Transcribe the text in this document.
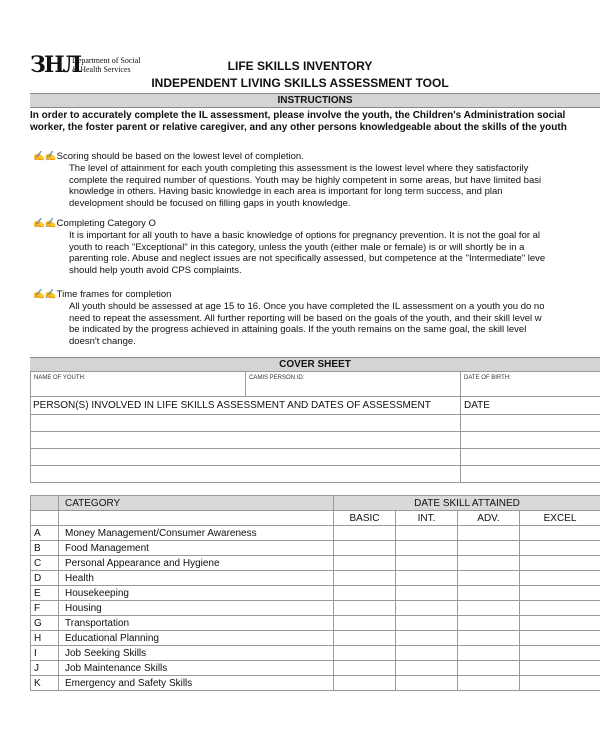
ЗНЛ
Department of Social
& Health Services	LIFE SKILLS INVENTORY
INDEPENDENT LIVING SKILLS ASSESSMENT TOOL
INSTRUCTIONS
In order to accurately complete the IL assessment, please involve the youth, the Children's Administration social
worker, the foster parent or relative caregiver, and any other persons knowledgeable about the skills of the youth
✍✍Scoring should be based on the lowest level of completion.
The level of attainment for each youth completing this assessment is the lowest level where they satisfactorily
complete the required number of questions. Youth may be highly competent in some areas, but have limited basi
knowledge in others. Having basic knowledge in each area is important for long term success, and plan
development should be focused on filling gaps in youth knowledge.
✍✍Completing Category O
It is important for all youth to have a basic knowledge of options for pregnancy prevention. It is not the goal for al
youth to reach "Exceptional" in this category, unless the youth (either male or female) is or will shortly be in a
parenting role. Abuse and neglect issues are not specifically assessed, but competence at the "Intermediate" leve
should help youth avoid CPS complaints.
✍✍Time frames for completion
All youth should be assessed at age 15 to 16. Once you have completed the IL assessment on a youth you do no
need to repeat the assessment. All further reporting will be based on the goals of the youth, and their skill level w
be indicated by the progress achieved in attaining goals. If the youth remains on the same goal, the skill level
doesn't change.
COVER SHEET
NAME OF YOUTH:	CAMIS PERSON ID:	DATE OF BIRTH:
PERSON(S) INVOLVED IN LIFE SKILLS ASSESSMENT AND DATES OF ASSESSMENT	DATE

	CATEGORY	DATE SKILL ATTAINED			
		BASIC	INT.	ADV.	EXCEL
A	Money Management/Consumer Awareness				
B	Food Management				
C	Personal Appearance and Hygiene				
D	Health				
E	Housekeeping				
F	Housing				
G	Transportation				
H	Educational Planning				
I	Job Seeking Skills				
J	Job Maintenance Skills				
K	Emergency and Safety Skills				
